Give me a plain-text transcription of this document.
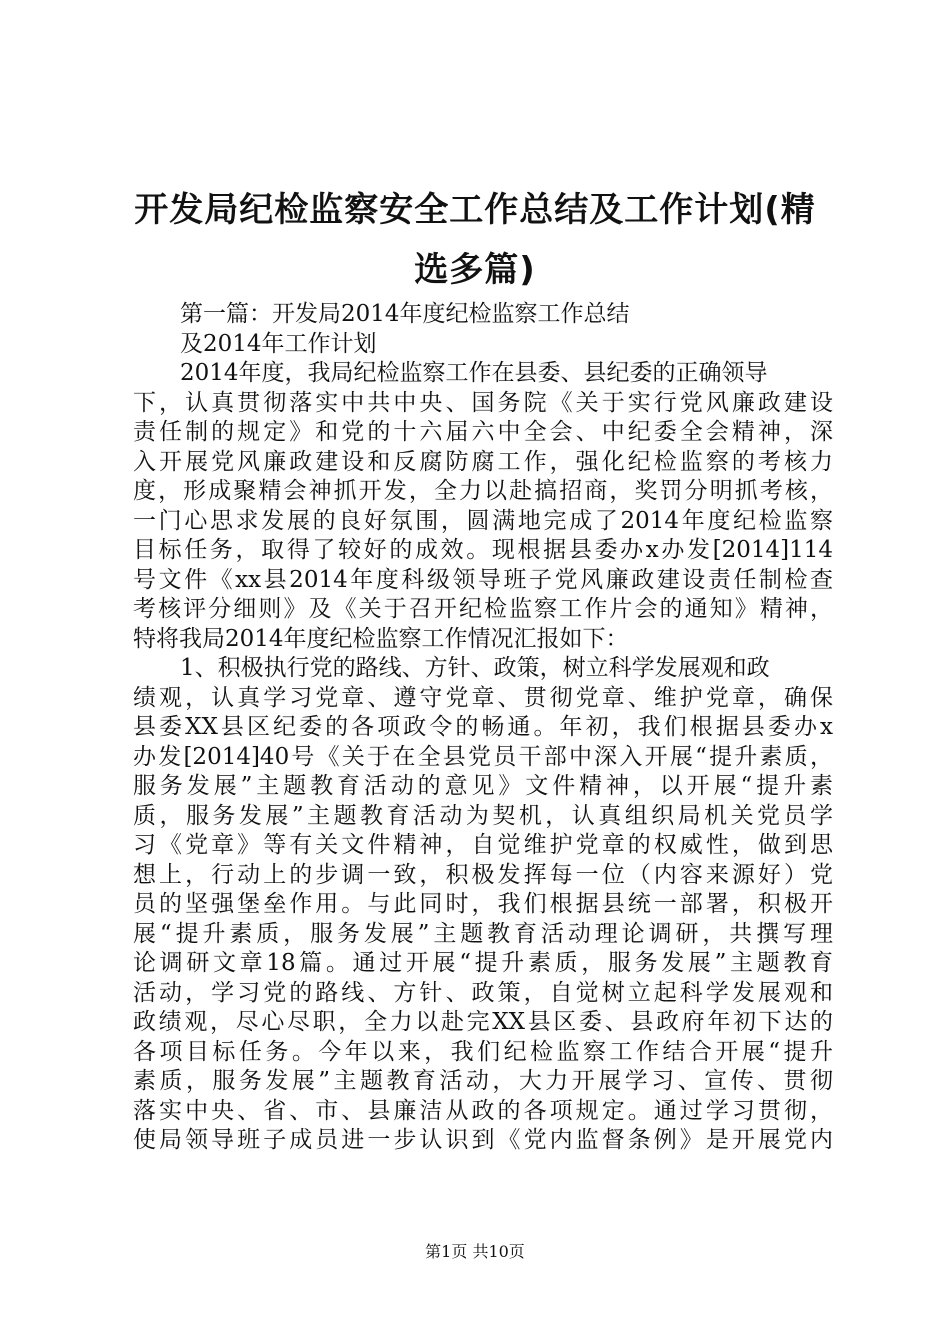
开发局纪检监察安全工作总结及工作计划(精
选多篇)
第一篇：开发局2014年度纪检监察工作总结
及2014年工作计划
2014年度，我局纪检监察工作在县委、县纪委的正确领导
下，认真贯彻落实中共中央、国务院《关于实行党风廉政建设
责任制的规定》和党的十六届六中全会、中纪委全会精神，深
入开展党风廉政建设和反腐防腐工作，强化纪检监察的考核力
度，形成聚精会神抓开发，全力以赴搞招商，奖罚分明抓考核，
一门心思求发展的良好氛围，圆满地完成了2014年度纪检监察
目标任务，取得了较好的成效。现根据县委办x办发[2014]114
号文件《xx县2014年度科级领导班子党风廉政建设责任制检查
考核评分细则》及《关于召开纪检监察工作片会的通知》精神，
特将我局2014年度纪检监察工作情况汇报如下：
1、积极执行党的路线、方针、政策，树立科学发展观和政
绩观，认真学习党章、遵守党章、贯彻党章、维护党章，确保
县委XX县区纪委的各项政令的畅通。年初，我们根据县委办x
办发[2014]40号《关于在全县党员干部中深入开展“提升素质，
服务发展”主题教育活动的意见》文件精神，以开展“提升素
质，服务发展”主题教育活动为契机，认真组织局机关党员学
习《党章》等有关文件精神，自觉维护党章的权威性，做到思
想上，行动上的步调一致，积极发挥每一位（内容来源好）党
员的坚强堡垒作用。与此同时，我们根据县统一部署，积极开
展“提升素质，服务发展”主题教育活动理论调研，共撰写理
论调研文章18篇。通过开展“提升素质，服务发展”主题教育
活动，学习党的路线、方针、政策，自觉树立起科学发展观和
政绩观，尽心尽职，全力以赴完XX县区委、县政府年初下达的
各项目标任务。今年以来，我们纪检监察工作结合开展“提升
素质，服务发展”主题教育活动，大力开展学习、宣传、贯彻
落实中央、省、市、县廉洁从政的各项规定。通过学习贯彻，
使局领导班子成员进一步认识到《党内监督条例》是开展党内
第1页 共10页
